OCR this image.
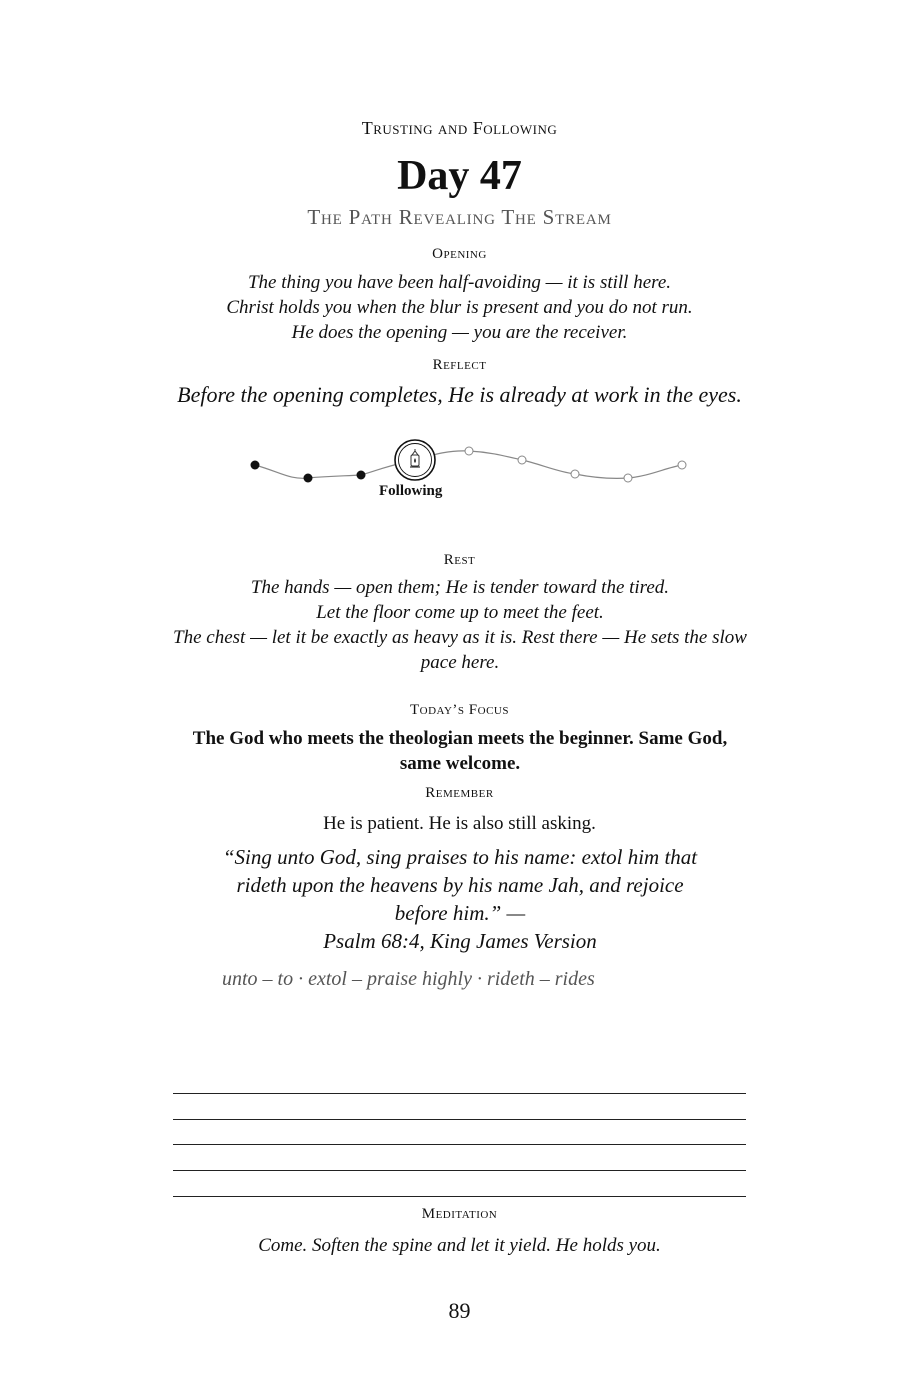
Trusting and Following
Day 47
The Path Revealing The Stream
Opening
The thing you have been half-avoiding — it is still here.
Christ holds you when the blur is present and you do not run.
He does the opening — you are the receiver.
Reflect
Before the opening completes, He is already at work in the eyes.
Following
Rest
The hands — open them; He is tender toward the tired.
Let the floor come up to meet the feet.
The chest — let it be exactly as heavy as it is. Rest there — He sets the slow pace here.
Today’s Focus
The God who meets the theologian meets the beginner. Same God, same welcome.
Remember
He is patient. He is also still asking.
“Sing unto God, sing praises to his name: extol him that rideth upon the heavens by his name Jah, and rejoice before him.” —
Psalm 68:4, King James Version
unto – to · extol – praise highly · rideth – rides
Meditation
Come. Soften the spine and let it yield. He holds you.
89
